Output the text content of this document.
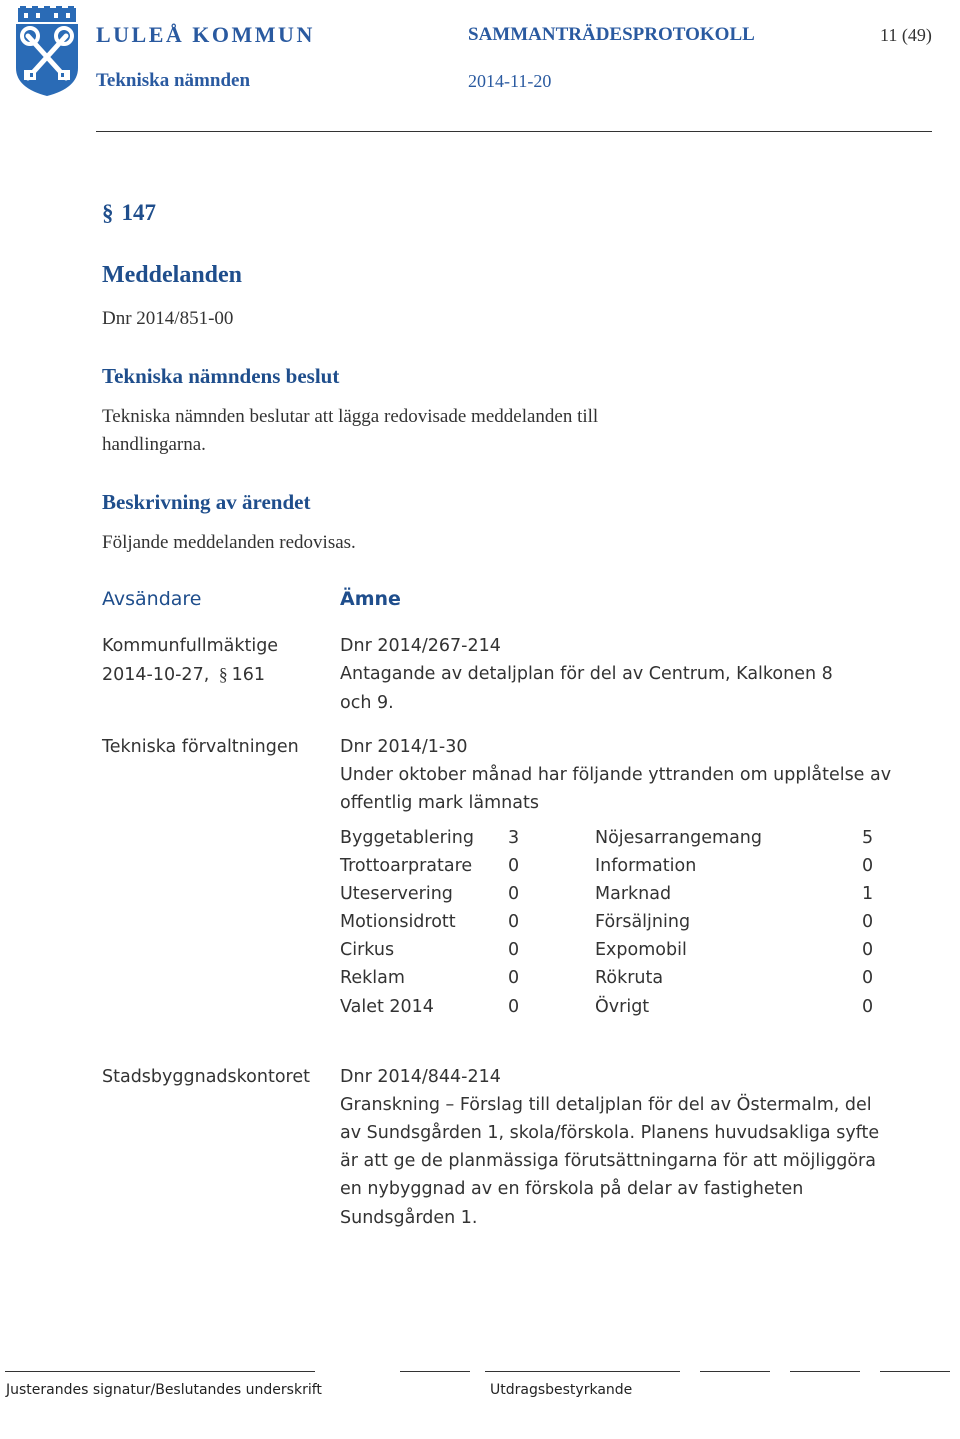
LULEÅ KOMMUN
Tekniska nämnden
SAMMANTRÄDESPROTOKOLL	11 (49)
2014-11-20
§ 147
Meddelanden
Dnr 2014/851-00
Tekniska nämndens beslut
Tekniska nämnden beslutar att lägga redovisade meddelanden till
handlingarna.
Beskrivning av ärendet
Följande meddelanden redovisas.
Avsändare	Ämne
Kommunfullmäktige
2014-10-27, § 161
Dnr 2014/267-214
Antagande av detaljplan för del av Centrum, Kalkonen 8
och 9.
Tekniska förvaltningen Dnr 2014/1-30
Under oktober månad har följande yttranden om upplåtelse av
offentlig mark lämnats
Byggetablering 3	Nöjesarrangemang	5
Trottoarpratare 0	Information	0
Uteservering	0	Marknad	1
Motionsidrott	0	Försäljning	0
Cirkus	0	Expomobil	0
Reklam	0	Rökruta	0
Valet 2014	0	Övrigt	0
Stadsbyggnadskontoret Dnr 2014/844-214
Granskning – Förslag till detaljplan för del av Östermalm, del
av Sundsgården 1, skola/förskola. Planens huvudsakliga syfte
är att ge de planmässiga förutsättningarna för att möjliggöra
en nybyggnad av en förskola på delar av fastigheten
Sundsgården 1.
Justerandes signatur/Beslutandes underskrift	Utdragsbestyrkande
